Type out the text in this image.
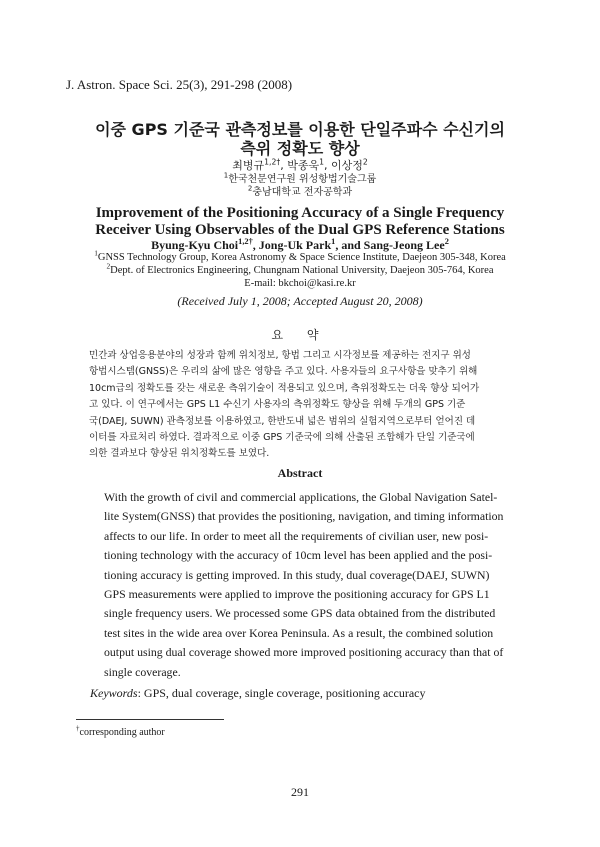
J. Astron. Space Sci. 25(3), 291-298 (2008)
이중 GPS 기준국 관측정보를 이용한 단일주파수 수신기의
측위 정확도 향상
최병규$^{1,2\dagger}$, 박종욱$^1$, 이상정$^2$
$^1$한국천문연구원 위성항법기술그룹
$^2$충남대학교 전자공학과
Improvement of the Positioning Accuracy of a Single Frequency
Receiver Using Observables of the Dual GPS Reference Stations
Byung-Kyu Choi$^{1,2\dagger}$, Jong-Uk Park$^1$, and Sang-Jeong Lee$^2$
$^1$GNSS Technology Group, Korea Astronomy & Space Science Institute, Daejeon 305-348, Korea
$^2$Dept. of Electronics Engineering, Chungnam National University, Daejeon 305-764, Korea
E-mail: bkchoi@kasi.re.kr
(Received July 1, 2008; Accepted August 20, 2008)
요 약

민간과 상업응용분야의 성장과 함께 위치정보, 항법 그리고 시각정보를 제공하는 전지구 위성

항법시스템(GNSS)은 우리의 삶에 많은 영향을 주고 있다. 사용자들의 요구사항을 맞추기 위해

10cm급의 정확도를 갖는 새로운 측위기술이 적용되고 있으며, 측위정확도는 더욱 향상 되어가

고 있다. 이 연구에서는 GPS L1 수신기 사용자의 측위정확도 향상을 위해 두개의 GPS 기준

국(DAEJ, SUWN) 관측정보를 이용하였고, 한반도내 넓은 범위의 실험지역으로부터 얻어진 데

이터를 자료처리 하였다. 결과적으로 이중 GPS 기준국에 의해 산출된 조합해가 단일 기준국에

의한 결과보다 향상된 위치정확도를 보였다.

Abstract

With the growth of civil and commercial applications, the Global Navigation Satel-

lite System(GNSS) that provides the positioning, navigation, and timing information

affects to our life. In order to meet all the requirements of civilian user, new posi-

tioning technology with the accuracy of 10cm level has been applied and the posi-

tioning accuracy is getting improved. In this study, dual coverage(DAEJ, SUWN)

GPS measurements were applied to improve the positioning accuracy for GPS L1

single frequency users. We processed some GPS data obtained from the distributed

test sites in the wide area over Korea Peninsula. As a result, the combined solution

output using dual coverage showed more improved positioning accuracy than that of

single coverage.

Keywords: GPS, dual coverage, single coverage, positioning accuracy
†corresponding author
291
